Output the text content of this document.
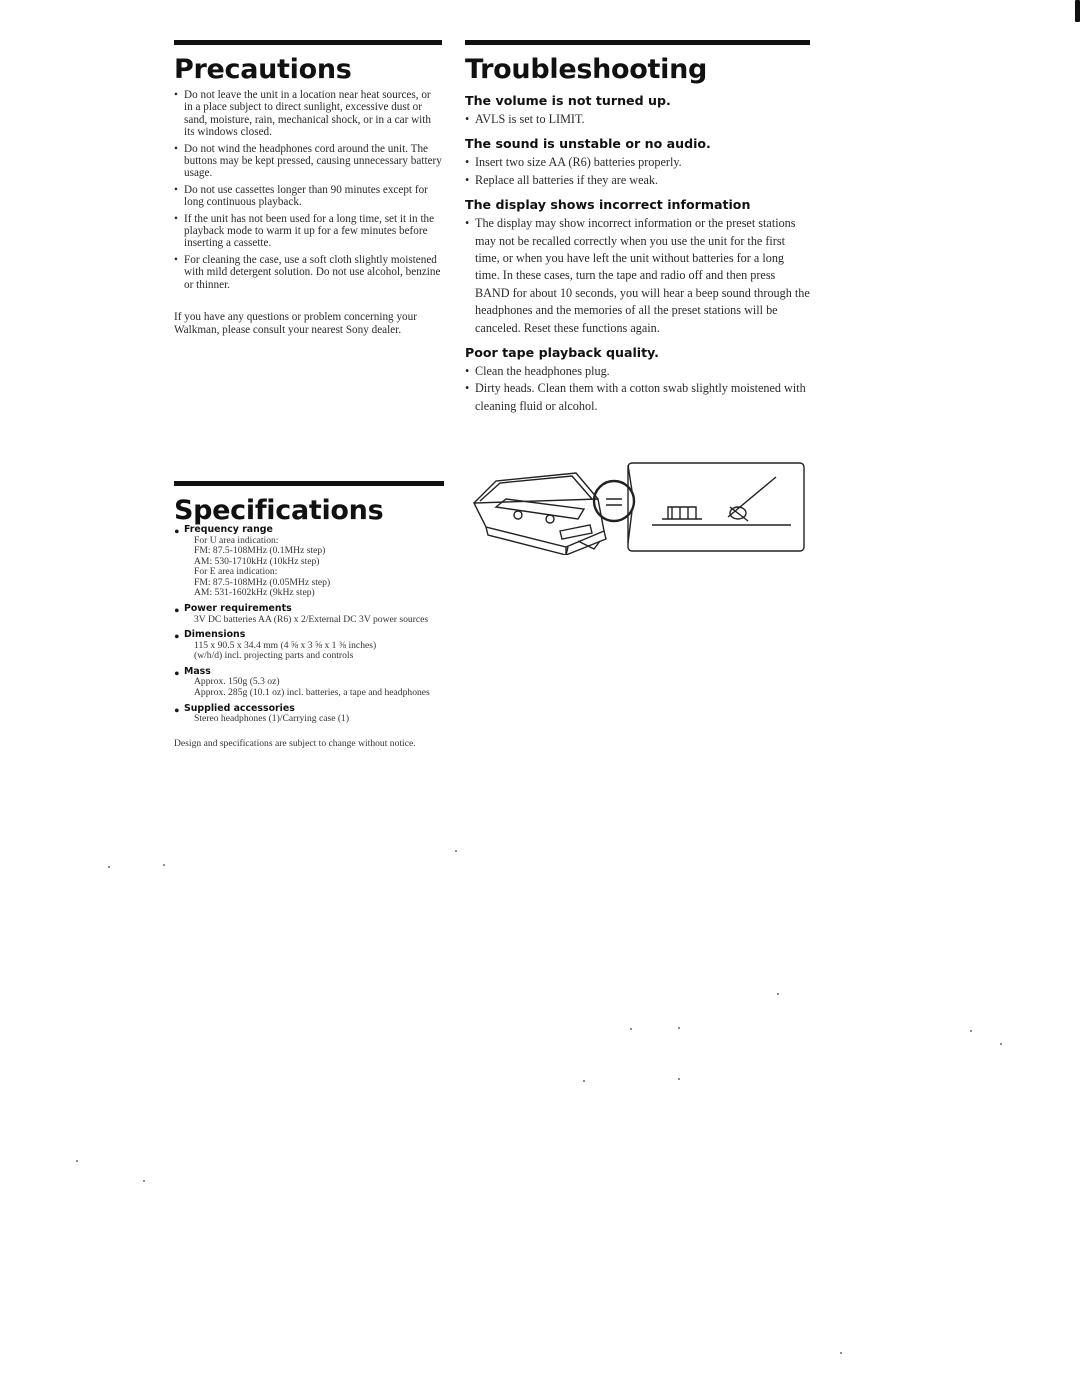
Precautions
• Do not leave the unit in a location near heat sources, or in a place subject to direct sunlight, excessive dust or sand, moisture, rain, mechanical shock, or in a car with its windows closed.
• Do not wind the headphones cord around the unit. The buttons may be kept pressed, causing unnecessary battery usage.
• Do not use cassettes longer than 90 minutes except for long continuous playback.
• If the unit has not been used for a long time, set it in the playback mode to warm it up for a few minutes before inserting a cassette.
• For cleaning the case, use a soft cloth slightly moistened with mild detergent solution. Do not use alcohol, benzine or thinner.

If you have any questions or problem concerning your Walkman, please consult your nearest Sony dealer.

Troubleshooting
The volume is not turned up.
• AVLS is set to LIMIT.
The sound is unstable or no audio.
• Insert two size AA (R6) batteries properly.
• Replace all batteries if they are weak.
The display shows incorrect information
• The display may show incorrect information or the preset stations may not be recalled correctly when you use the unit for the first time, or when you have left the unit without batteries for a long time. In these cases, turn the tape and radio off and then press BAND for about 10 seconds, you will hear a beep sound through the headphones and the memories of all the preset stations will be canceled. Reset these functions again.
Poor tape playback quality.
• Clean the headphones plug.
• Dirty heads. Clean them with a cotton swab slightly moistened with cleaning fluid or alcohol.
Specifications
• Frequency range
For U area indication:
FM: 87.5-108MHz (0.1MHz step)
AM: 530-1710kHz (10kHz step)
For E area indication:
FM: 87.5-108MHz (0.05MHz step)
AM: 531-1602kHz (9kHz step)
• Power requirements
3V DC batteries AA (R6) x 2/External DC 3V power sources
• Dimensions
115 x 90.5 x 34.4 mm (4 ⅝ x 3 ⅝ x 1 ⅜ inches)
(w/h/d) incl. projecting parts and controls
• Mass
Approx. 150g (5.3 oz)
Approx. 285g (10.1 oz) incl. batteries, a tape and headphones
• Supplied accessories
Stereo headphones (1)/Carrying case (1)

Design and specifications are subject to change without notice.
